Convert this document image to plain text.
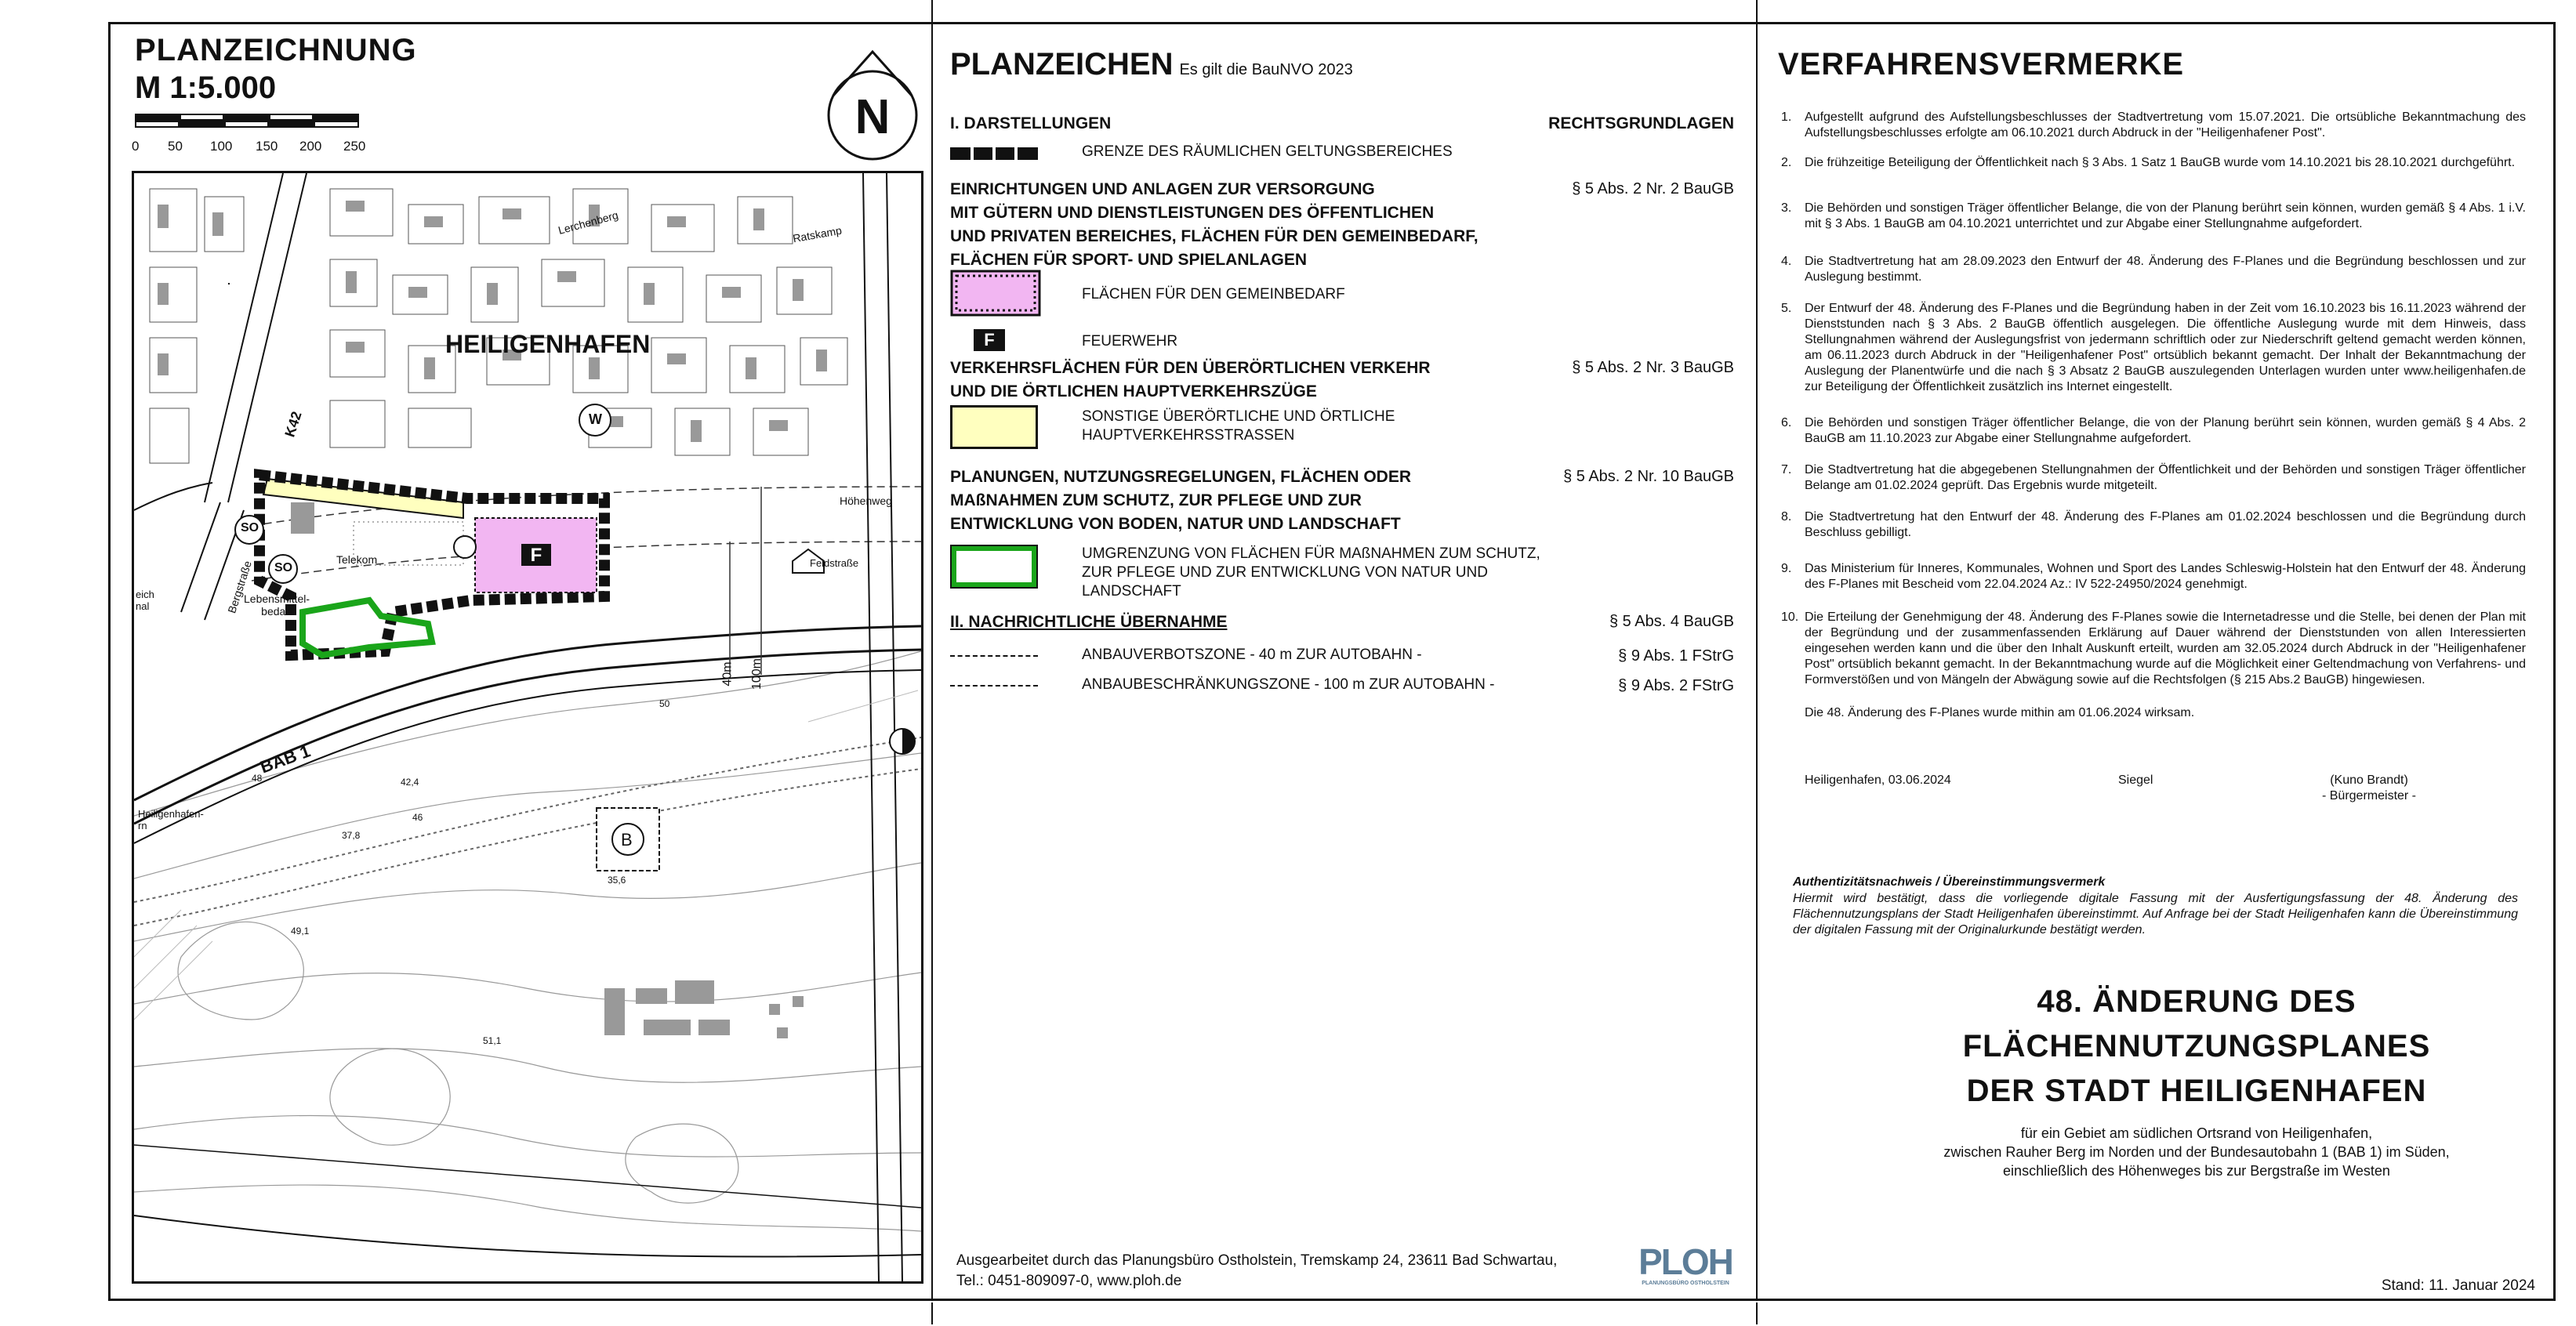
PLANZEICHNUNG
M 1:5.000
0 50 100 150 200 250
N
F
HEILIGENHAFEN
BAB 1
K42
SO
SO
W
B
Telekom
Lebensmittel-
bedarf
Höhenweg
Ratskamp
Lerchenberg
Bergstraße	Feldstraße
40m 100m
50
48	42,4
37,8
35,6
49,1
51,1
46
Heiligenhafen-
rn
eich
nal
PLANZEICHEN Es gilt die BauNVO 2023
I. DARSTELLUNGEN	RECHTSGRUNDLAGEN
GRENZE DES RÄUMLICHEN GELTUNGSBEREICHES
EINRICHTUNGEN UND ANLAGEN ZUR VERSORGUNG
MIT GÜTERN UND DIENSTLEISTUNGEN DES ÖFFENTLICHEN
UND PRIVATEN BEREICHES, FLÄCHEN FÜR DEN GEMEINBEDARF,
FLÄCHEN FÜR SPORT- UND SPIELANLAGEN
§ 5 Abs. 2 Nr. 2 BauGB
FLÄCHEN FÜR DEN GEMEINBEDARF
F	FEUERWEHR
VERKEHRSFLÄCHEN FÜR DEN ÜBERÖRTLICHEN VERKEHR
UND DIE ÖRTLICHEN HAUPTVERKEHRSZÜGE
§ 5 Abs. 2 Nr. 3 BauGB
SONSTIGE ÜBERÖRTLICHE UND ÖRTLICHE
HAUPTVERKEHRSSTRASSEN
PLANUNGEN, NUTZUNGSREGELUNGEN, FLÄCHEN ODER
MAßNAHMEN ZUM SCHUTZ, ZUR PFLEGE UND ZUR
ENTWICKLUNG VON BODEN, NATUR UND LANDSCHAFT
§ 5 Abs. 2 Nr. 10 BauGB
UMGRENZUNG VON FLÄCHEN FÜR MAßNAHMEN ZUM SCHUTZ,
ZUR PFLEGE UND ZUR ENTWICKLUNG VON NATUR UND
LANDSCHAFT
II. NACHRICHTLICHE ÜBERNAHME	§ 5 Abs. 4 BauGB
ANBAUVERBOTSZONE - 40 m ZUR AUTOBAHN -	§ 9 Abs. 1 FStrG
ANBAUBESCHRÄNKUNGSZONE - 100 m ZUR AUTOBAHN -	§ 9 Abs. 2 FStrG
Ausgearbeitet durch das Planungsbüro Ostholstein, Tremskamp 24, 23611 Bad Schwartau,
Tel.: 0451-809097-0, www.ploh.de	PLOH
PLANUNGSBÜRO OSTHOLSTEIN
VERFAHRENSVERMERKE
1.	Aufgestellt aufgrund des Aufstellungsbeschlusses der Stadtvertretung vom 15.07.2021. Die ortsübliche Bekanntmachung des Aufstellungsbeschlusses erfolgte am 06.10.2021 durch Abdruck in der "Heiligenhafener Post".
2.	Die frühzeitige Beteiligung der Öffentlichkeit nach § 3 Abs. 1 Satz 1 BauGB wurde vom 14.10.2021 bis 28.10.2021 durchgeführt.
3.	Die Behörden und sonstigen Träger öffentlicher Belange, die von der Planung berührt sein können, wurden gemäß § 4 Abs. 1 i.V. mit § 3 Abs. 1 BauGB am 04.10.2021 unterrichtet und zur Abgabe einer Stellungnahme aufgefordert.
4.	Die Stadtvertretung hat am 28.09.2023 den Entwurf der 48. Änderung des F-Planes und die Begründung beschlossen und zur Auslegung bestimmt.
5.	Der Entwurf der 48. Änderung des F-Planes und die Begründung haben in der Zeit vom 16.10.2023 bis 16.11.2023 während der Dienststunden nach § 3 Abs. 2 BauGB öffentlich ausgelegen. Die öffentliche Auslegung wurde mit dem Hinweis, dass Stellungnahmen während der Auslegungsfrist von jedermann schriftlich oder zur Niederschrift geltend gemacht werden können, am 06.11.2023 durch Abdruck in der "Heiligenhafener Post" ortsüblich bekannt gemacht. Der Inhalt der Bekanntmachung der Auslegung der Planentwürfe und die nach § 3 Absatz 2 BauGB auszulegenden Unterlagen wurden unter www.heiligenhafen.de zur Beteiligung der Öffentlichkeit zusätzlich ins Internet eingestellt.
6.	Die Behörden und sonstigen Träger öffentlicher Belange, die von der Planung berührt sein können, wurden gemäß § 4 Abs. 2 BauGB am 11.10.2023 zur Abgabe einer Stellungnahme aufgefordert.
7.	Die Stadtvertretung hat die abgegebenen Stellungnahmen der Öffentlichkeit und der Behörden und sonstigen Träger öffentlicher Belange am 01.02.2024 geprüft. Das Ergebnis wurde mitgeteilt.
8.	Die Stadtvertretung hat den Entwurf der 48. Änderung des F-Planes am 01.02.2024 beschlossen und die Begründung durch Beschluss gebilligt.
9.	Das Ministerium für Inneres, Kommunales, Wohnen und Sport des Landes Schleswig-Holstein hat den Entwurf der 48. Änderung des F-Planes mit Bescheid vom 22.04.2024 Az.: IV 522-24950/2024 genehmigt.
10. Die Erteilung der Genehmigung der 48. Änderung des F-Planes sowie die Internetadresse und die Stelle, bei denen der Plan mit der Begründung und der zusammenfassenden Erklärung auf Dauer während der Dienststunden von allen Interessierten eingesehen werden kann und die über den Inhalt Auskunft erteilt, wurden am 32.05.2024 durch Abdruck in der "Heiligenhafener Post" ortsüblich bekannt gemacht. In der Bekanntmachung wurde auf die Möglichkeit einer Geltendmachung von Verfahrens- und Formverstößen und von Mängeln der Abwägung sowie auf die Rechtsfolgen (§ 215 Abs.2 BauGB) hingewiesen.
Die 48. Änderung des F-Planes wurde mithin am 01.06.2024 wirksam.
Heiligenhafen, 03.06.2024	Siegel	(Kuno Brandt)
- Bürgermeister -
Authentizitätsnachweis / Übereinstimmungsvermerk
Hiermit wird bestätigt, dass die vorliegende digitale Fassung mit der Ausfertigungsfassung der 48. Änderung des Flächennutzungsplans der Stadt Heiligenhafen übereinstimmt. Auf Anfrage bei der Stadt Heiligenhafen kann die Übereinstimmung der digitalen Fassung mit der Originalurkunde bestätigt werden.
48. ÄNDERUNG DES
FLÄCHENNUTZUNGSPLANES
DER STADT HEILIGENHAFEN
für ein Gebiet am südlichen Ortsrand von Heiligenhafen,
zwischen Rauher Berg im Norden und der Bundesautobahn 1 (BAB 1) im Süden,
einschließlich des Höhenweges bis zur Bergstraße im Westen
Stand: 11. Januar 2024
